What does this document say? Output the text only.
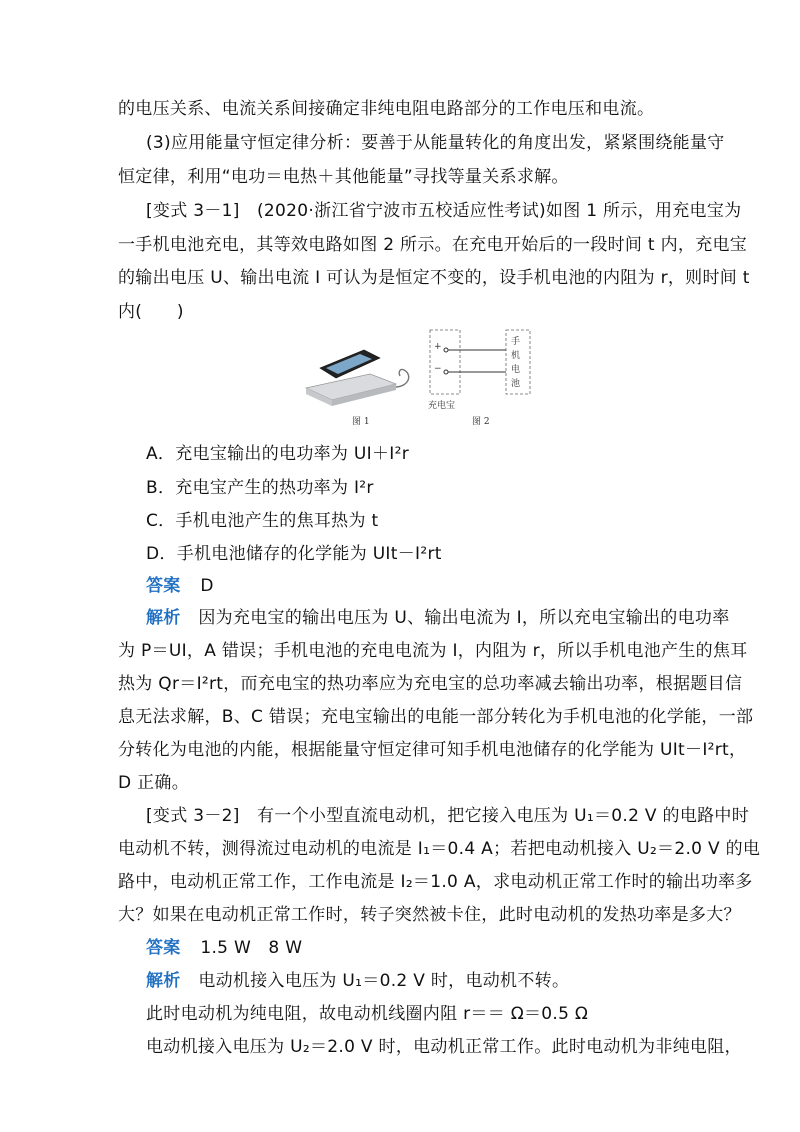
的电压关系、电流关系间接确定非纯电阻电路部分的工作电压和电流。
(3)应用能量守恒定律分析：要善于从能量转化的角度出发，紧紧围绕能量守
恒定律，利用“电功＝电热＋其他能量”寻找等量关系求解。
[变式 3－1]　(2020·浙江省宁波市五校适应性考试)如图 1 所示，用充电宝为
一手机电池充电，其等效电路如图 2 所示。在充电开始后的一段时间 t 内，充电宝
的输出电压 U、输出电流 I 可认为是恒定不变的，设手机电池的内阻为 r，则时间 t
内(　　)
+
−
手
机
电
池
充电宝
图 1	图 2
A．充电宝输出的电功率为 UI＋I²r
B．充电宝产生的热功率为 I²r
C．手机电池产生的焦耳热为 t
D．手机电池储存的化学能为 UIt－I²rt
答案 D
解析 因为充电宝的输出电压为 U、输出电流为 I，所以充电宝输出的电功率
为 P＝UI，A 错误；手机电池的充电电流为 I，内阻为 r，所以手机电池产生的焦耳
热为 Qr＝I²rt，而充电宝的热功率应为充电宝的总功率减去输出功率，根据题目信
息无法求解，B、C 错误；充电宝输出的电能一部分转化为手机电池的化学能，一部
分转化为电池的内能，根据能量守恒定律可知手机电池储存的化学能为 UIt－I²rt，
D 正确。
[变式 3－2]　有一个小型直流电动机，把它接入电压为 U₁＝0.2 V 的电路中时
电动机不转，测得流过电动机的电流是 I₁＝0.4 A；若把电动机接入 U₂＝2.0 V 的电
路中，电动机正常工作，工作电流是 I₂＝1.0 A，求电动机正常工作时的输出功率多
大？如果在电动机正常工作时，转子突然被卡住，此时电动机的发热功率是多大？
答案 1.5 W　8 W
解析 电动机接入电压为 U₁＝0.2 V 时，电动机不转。
此时电动机为纯电阻，故电动机线圈内阻 r＝＝ Ω＝0.5 Ω
电动机接入电压为 U₂＝2.0 V 时，电动机正常工作。此时电动机为非纯电阻，
